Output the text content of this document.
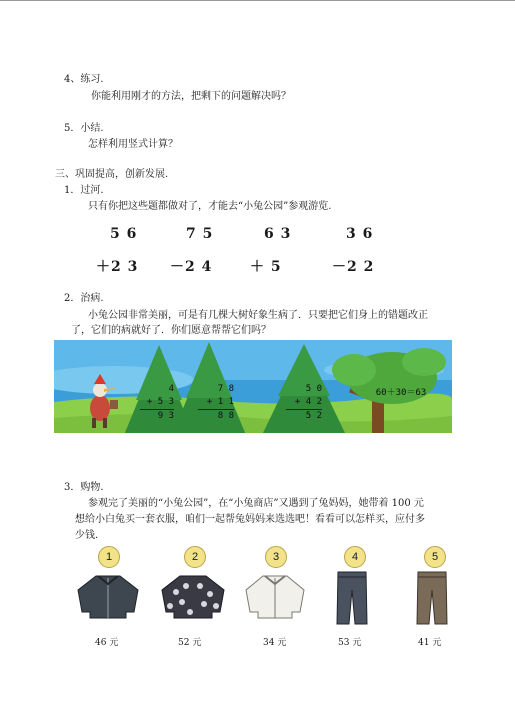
4、练习.
你能利用刚才的方法，把剩下的问题解决吗？
5．小结.
怎样利用竖式计算？
三、巩固提高，创新发展.
1．过河.
只有你把这些题都做对了，才能去“小兔公园”参观游览.
5 6
＋2 3
7 5
－2 4
6 3
＋ 5
3 6
－2 2
2．治病.
小兔公园非常美丽，可是有几棵大树好象生病了．只要把它们身上的错题改正
了，它们的病就好了．你们愿意帮帮它们吗？
4
+ 5 3
9 3
7 8
+ 1 1
8 8
5 0
+ 4 2
5 2
60＋30＝63
3．购物.
参观完了美丽的“小兔公园”，在“小兔商店”又遇到了兔妈妈，她带着 100 元
想给小白兔买一套衣服，咱们一起帮兔妈妈来选选吧！看看可以怎样买，应付多
少钱.
1
46 元
2
52 元
3
34 元
4
53 元
5
41 元
